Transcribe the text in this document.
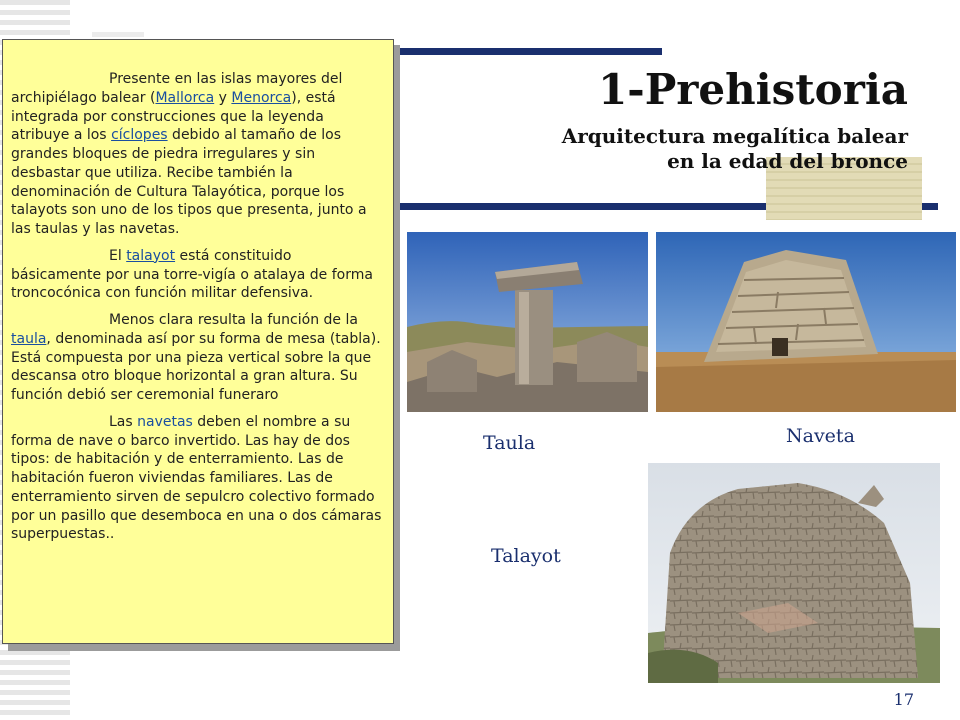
1-Prehistoria
Arquitectura megalítica balear
en la edad del bronce

Presente en las islas mayores del archipiélago balear (Mallorca y Menorca), está integrada por construcciones que la leyenda atribuye a los cíclopes debido al tamaño de los grandes bloques de piedra irregulares y sin desbastar que utiliza. Recibe también la denominación de Cultura Talayótica, porque los talayots son uno de los tipos que presenta, junto a las taulas y las navetas.

El talayot está constituido básicamente por una torre-vigía o atalaya de forma troncocónica con función militar defensiva.

Menos clara resulta la función de la taula, denominada así por su forma de mesa (tabla). Está compuesta por una pieza vertical sobre la que descansa otro bloque horizontal a gran altura. Su función debió ser ceremonial funeraro

Las navetas deben el nombre a su forma de nave o barco invertido. Las hay de dos tipos: de habitación y de enterramiento. Las de habitación fueron viviendas familiares. Las de enterramiento sirven de sepulcro colectivo formado por un pasillo que desemboca en una o dos cámaras superpuestas..

Taula	Naveta
Talayot
17
